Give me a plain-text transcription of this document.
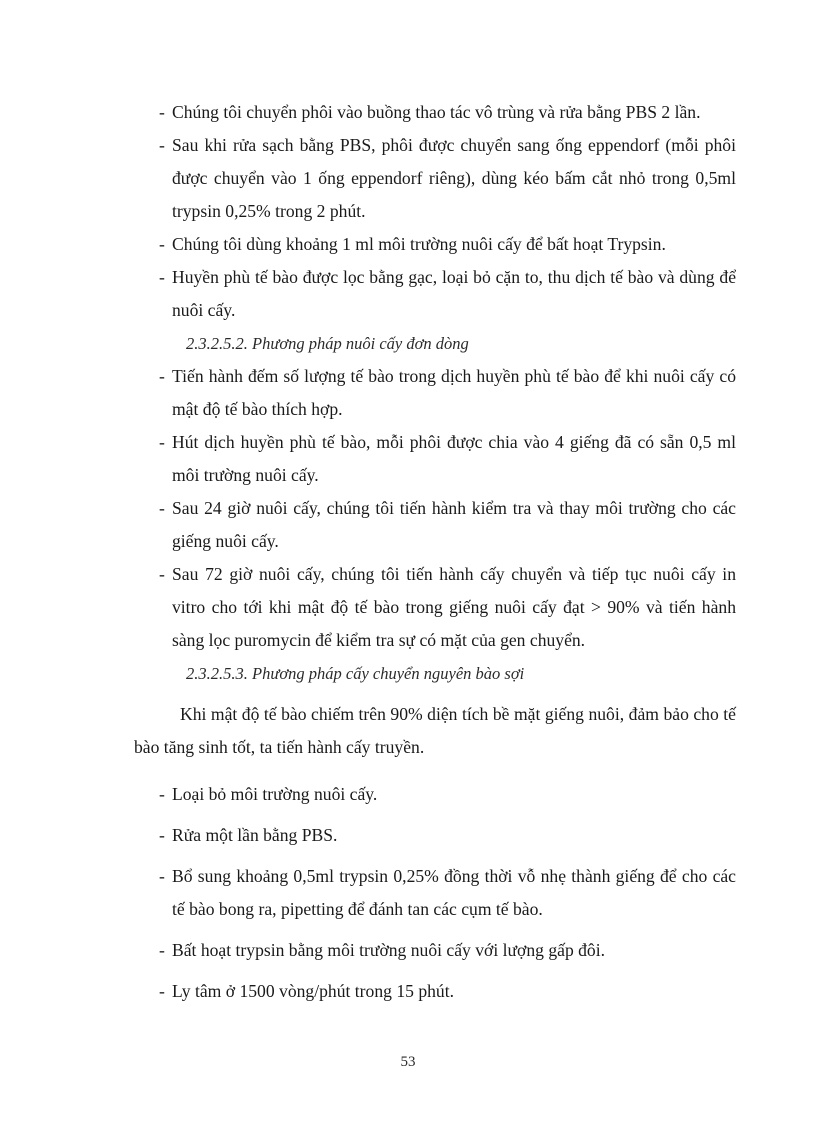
- Chúng tôi chuyển phôi vào buồng thao tác vô trùng và rửa bằng PBS 2 lần.

- Sau khi rửa sạch bằng PBS, phôi được chuyển sang ống eppendorf (mỗi phôi được chuyển vào 1 ống eppendorf riêng), dùng kéo bấm cắt nhỏ trong 0,5ml trypsin 0,25% trong 2 phút.

- Chúng tôi dùng khoảng 1 ml môi trường nuôi cấy để bất hoạt Trypsin.

- Huyền phù tế bào được lọc bằng gạc, loại bỏ cặn to, thu dịch tế bào và dùng để nuôi cấy.

2.3.2.5.2. Phương pháp nuôi cấy đơn dòng

- Tiến hành đếm số lượng tế bào trong dịch huyền phù tế bào để khi nuôi cấy có mật độ tế bào thích hợp.

- Hút dịch huyền phù tế bào, mỗi phôi được chia vào 4 giếng đã có sẵn 0,5 ml môi trường nuôi cấy.

- Sau 24 giờ nuôi cấy, chúng tôi tiến hành kiểm tra và thay môi trường cho các giếng nuôi cấy.

- Sau 72 giờ nuôi cấy, chúng tôi tiến hành cấy chuyển và tiếp tục nuôi cấy in vitro cho tới khi mật độ tế bào trong giếng nuôi cấy đạt > 90% và tiến hành sàng lọc puromycin để kiểm tra sự có mặt của gen chuyển.

2.3.2.5.3. Phương pháp cấy chuyển nguyên bào sợi

Khi mật độ tế bào chiếm trên 90% diện tích bề mặt giếng nuôi, đảm bảo cho tế bào tăng sinh tốt, ta tiến hành cấy truyền.

- Loại bỏ môi trường nuôi cấy.

- Rửa một lần bằng PBS.

- Bổ sung khoảng 0,5ml trypsin 0,25% đồng thời vỗ nhẹ thành giếng để cho các tế bào bong ra, pipetting để đánh tan các cụm tế bào.

- Bất hoạt trypsin bằng môi trường nuôi cấy với lượng gấp đôi.

- Ly tâm ở 1500 vòng/phút trong 15 phút.

53
